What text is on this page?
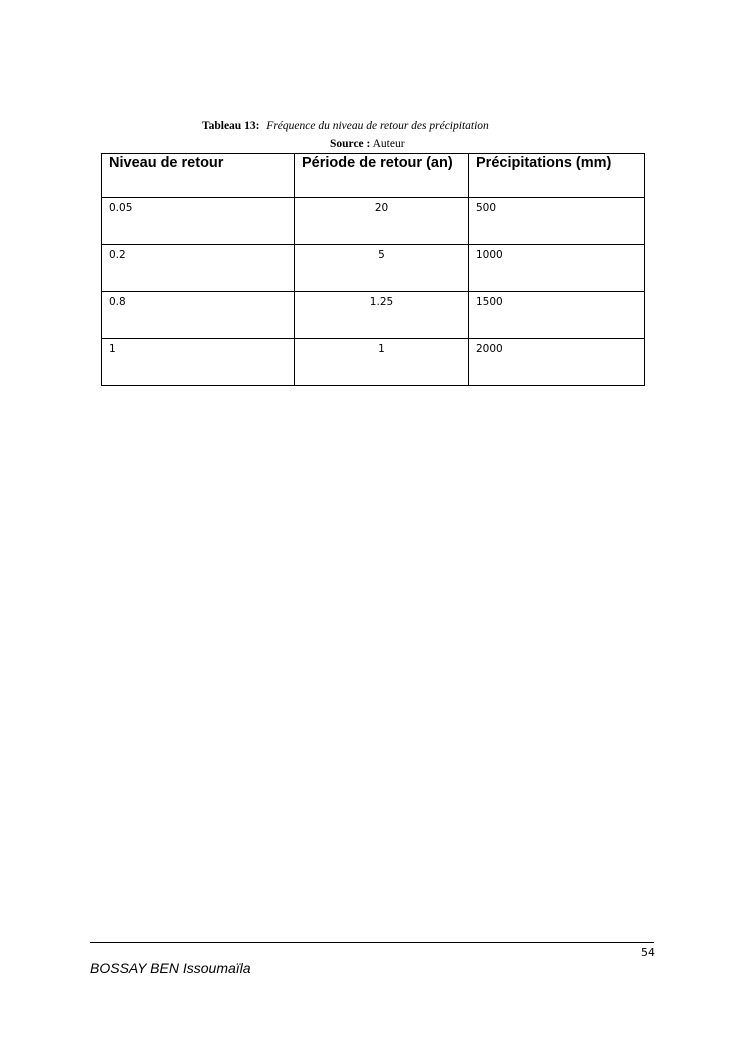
Tableau 13: Fréquence du niveau de retour des précipitation
Source : Auteur
Niveau de retour	Période de retour (an)	Précipitations (mm)
0.05	20	500
0.2	5	1000
0.8	1.25	1500
1	1	2000
54
BOSSAY BEN Issoumaïla
